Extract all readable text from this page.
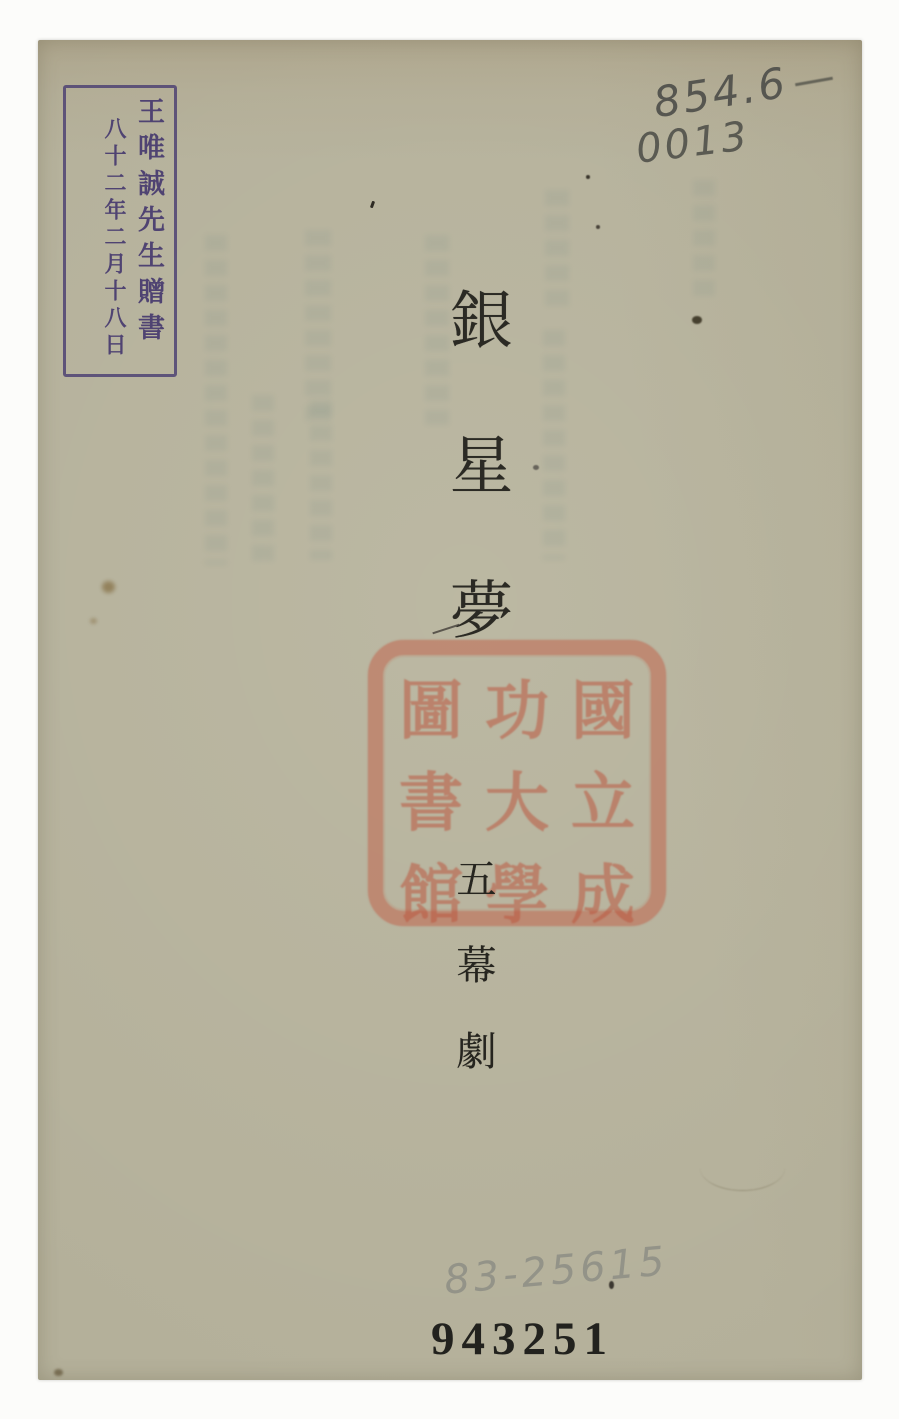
王唯誠先生贈書
八十二年二月十八日
854.6
0013
銀星夢
圖 功 國
書 大 立
館 學 成
五幕劇
83-25615
943251
